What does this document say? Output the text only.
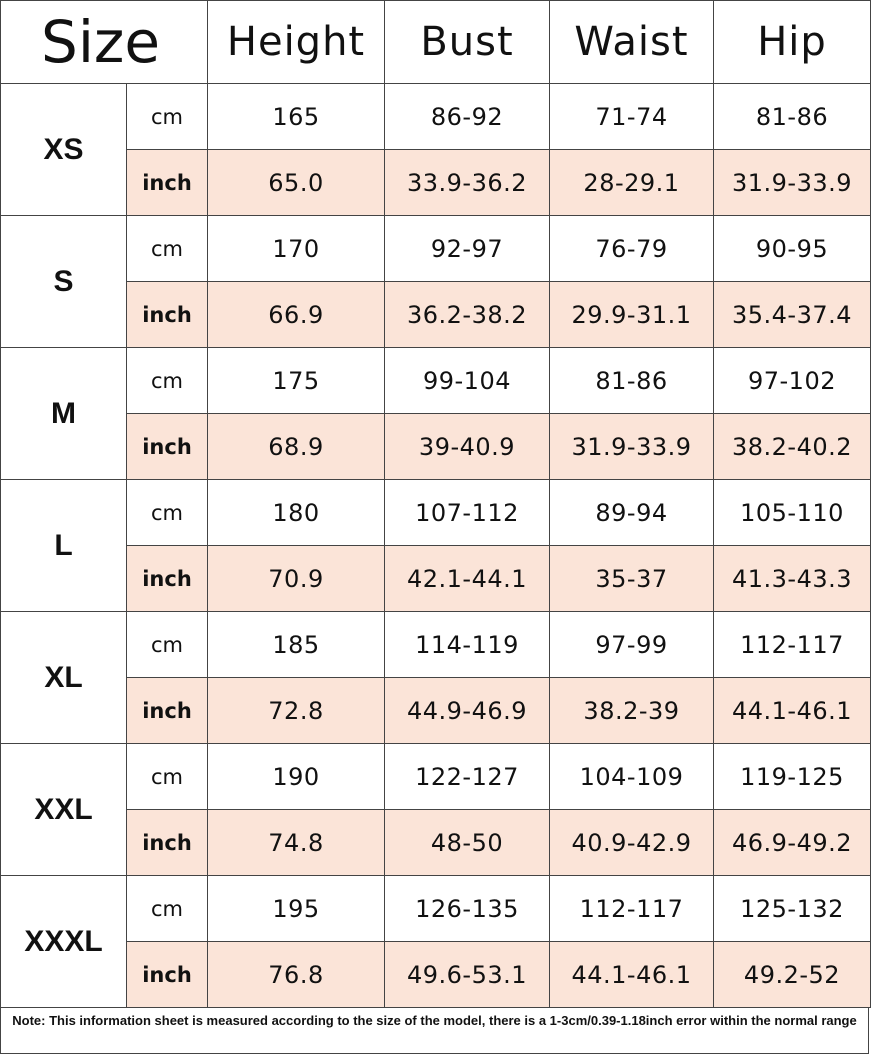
Size		Height	Bust	Waist	Hip
XS	cm	165	86-92	71-74	81-86
	inch	65.0	33.9-36.2	28-29.1	31.9-33.9
S	cm	170	92-97	76-79	90-95
	inch	66.9	36.2-38.2	29.9-31.1	35.4-37.4
M	cm	175	99-104	81-86	97-102
	inch	68.9	39-40.9	31.9-33.9	38.2-40.2
L	cm	180	107-112	89-94	105-110
	inch	70.9	42.1-44.1	35-37	41.3-43.3
XL	cm	185	114-119	97-99	112-117
	inch	72.8	44.9-46.9	38.2-39	44.1-46.1
XXL	cm	190	122-127	104-109	119-125
	inch	74.8	48-50	40.9-42.9	46.9-49.2
XXXL	cm	195	126-135	112-117	125-132
	inch	76.8	49.6-53.1	44.1-46.1	49.2-52
Note: This information sheet is measured according to the size of the model, there is a 1-3cm/0.39-1.18inch error within the normal range
